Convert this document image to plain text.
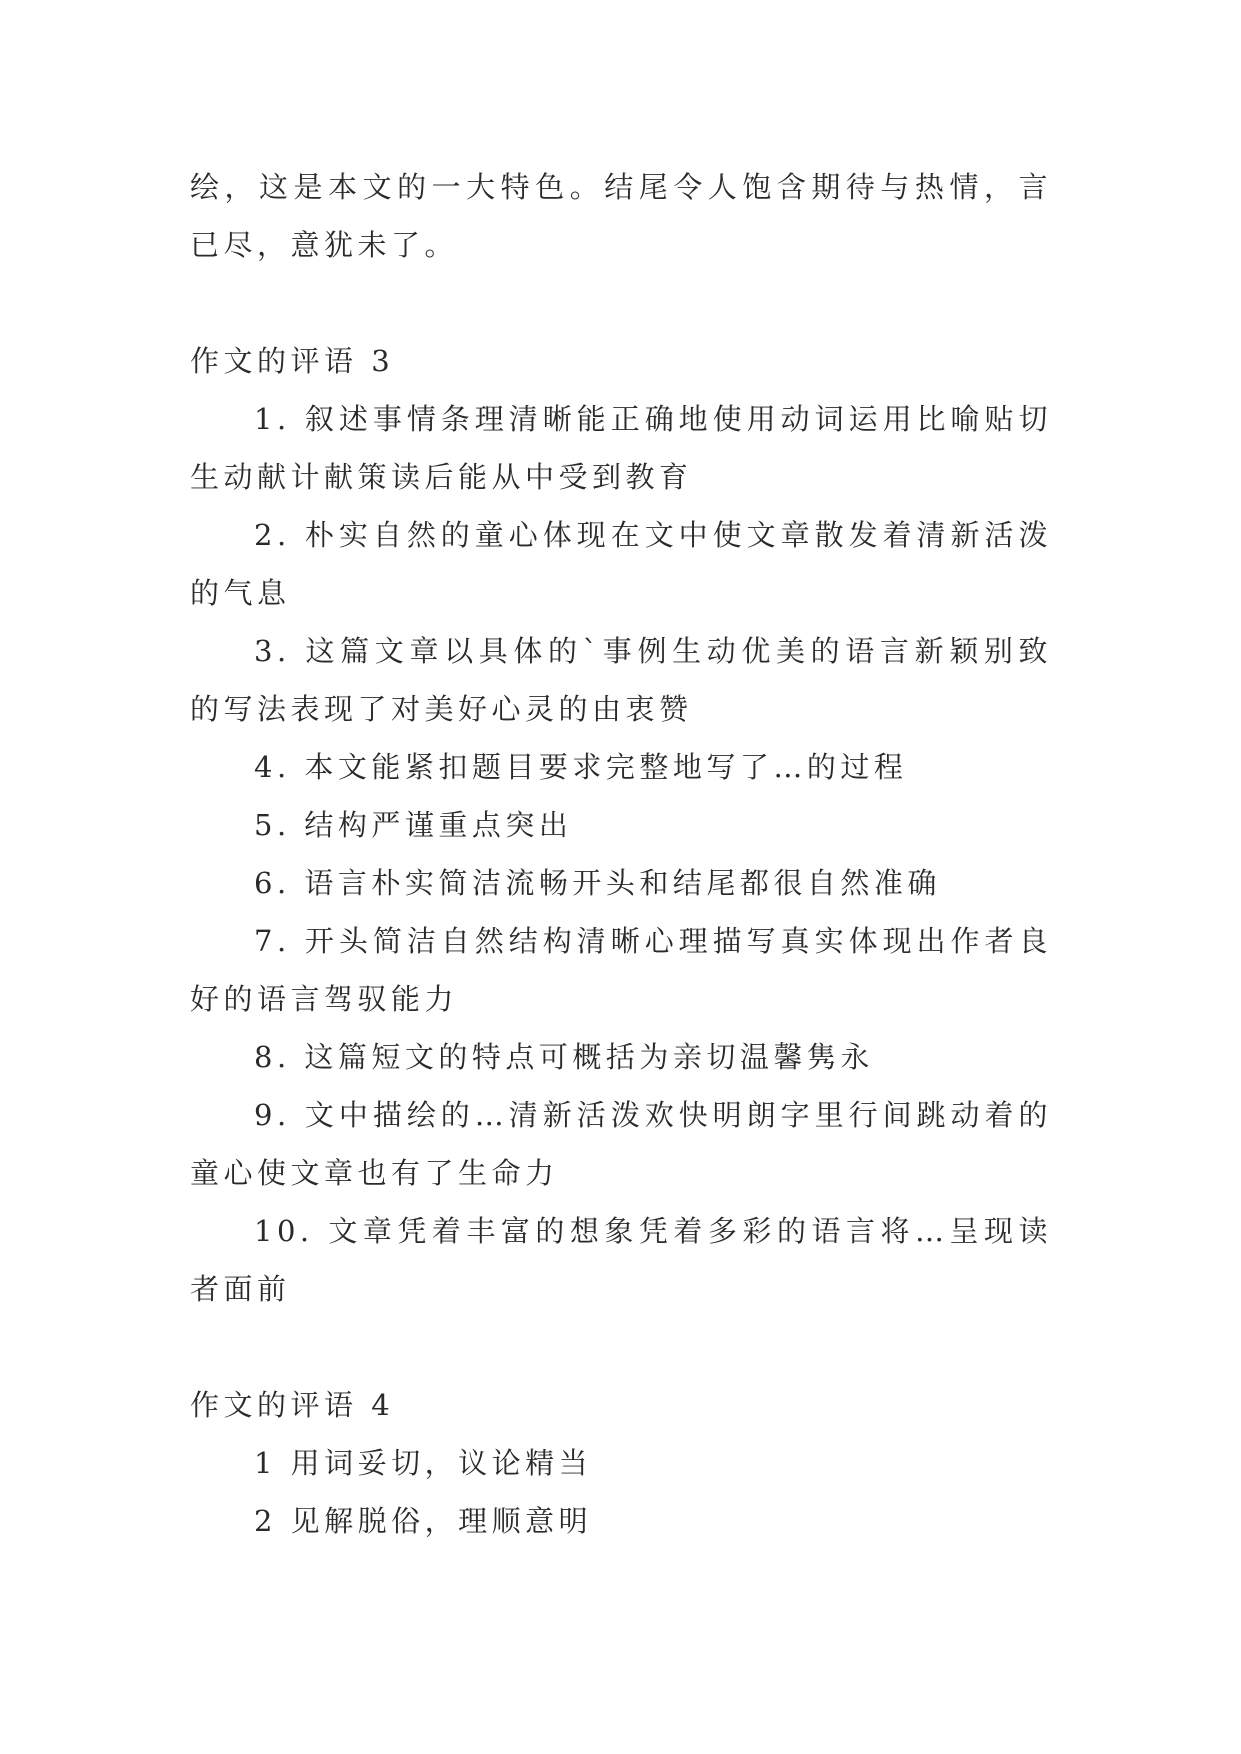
绘，这是本文的一大特色。结尾令人饱含期待与热情，言已尽，意犹未了。

作文的评语 3

1. 叙述事情条理清晰能正确地使用动词运用比喻贴切生动献计献策读后能从中受到教育

2. 朴实自然的童心体现在文中使文章散发着清新活泼的气息

3. 这篇文章以具体的`事例生动优美的语言新颖别致的写法表现了对美好心灵的由衷赞

4. 本文能紧扣题目要求完整地写了…的过程

5. 结构严谨重点突出

6. 语言朴实简洁流畅开头和结尾都很自然准确

7. 开头简洁自然结构清晰心理描写真实体现出作者良好的语言驾驭能力

8. 这篇短文的特点可概括为亲切温馨隽永

9. 文中描绘的…清新活泼欢快明朗字里行间跳动着的童心使文章也有了生命力

10. 文章凭着丰富的想象凭着多彩的语言将…呈现读者面前

作文的评语 4

1 用词妥切，议论精当

2 见解脱俗，理顺意明
